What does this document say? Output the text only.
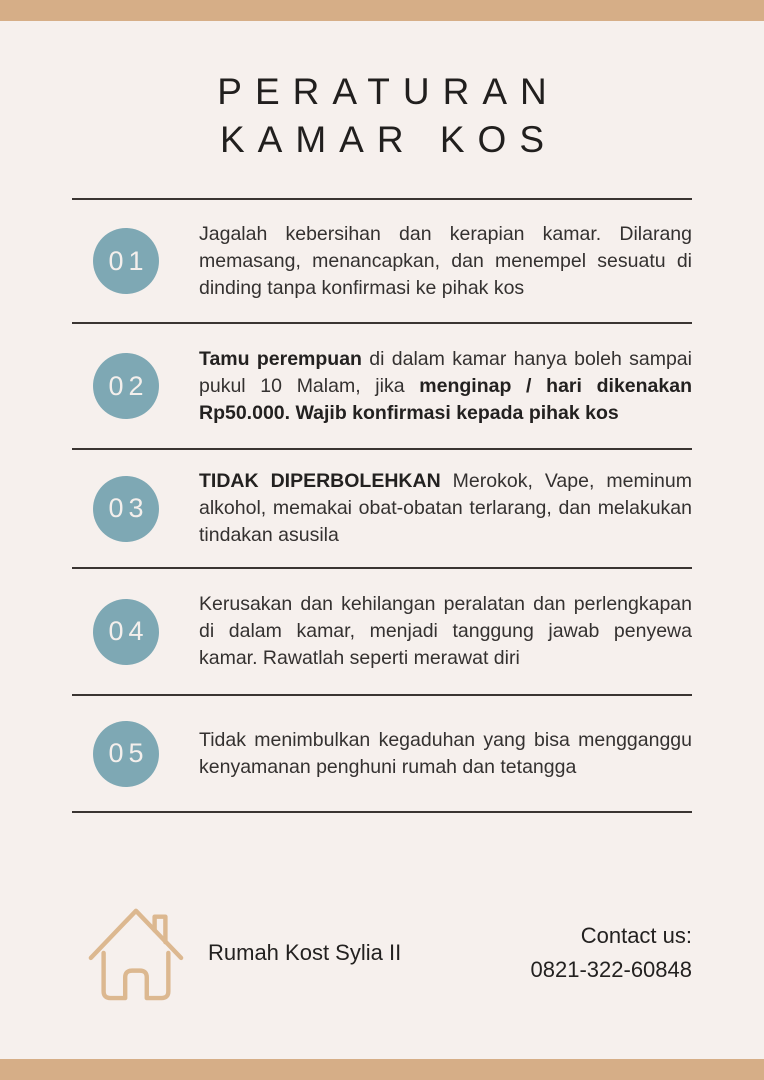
PERATURAN
KAMAR KOS
01

Jagalah kebersihan dan kerapian kamar. Dilarang memasang, menancapkan, dan menempel sesuatu di dinding tanpa konfirmasi ke pihak kos

02

Tamu perempuan di dalam kamar hanya boleh sampai pukul 10 Malam, jika menginap / hari dikenakan Rp50.000. Wajib konfirmasi kepada pihak kos

03

TIDAK DIPERBOLEHKAN Merokok, Vape, meminum alkohol, memakai obat-obatan terlarang, dan melakukan tindakan asusila

04

Kerusakan dan kehilangan peralatan dan perlengkapan di dalam kamar, menjadi tanggung jawab penyewa kamar. Rawatlah seperti merawat diri

05	Tidak menimbulkan kegaduhan yang bisa mengganggu kenyamanan penghuni rumah dan tetangga

Rumah Kost Sylia II
Contact us:
0821-322-60848
